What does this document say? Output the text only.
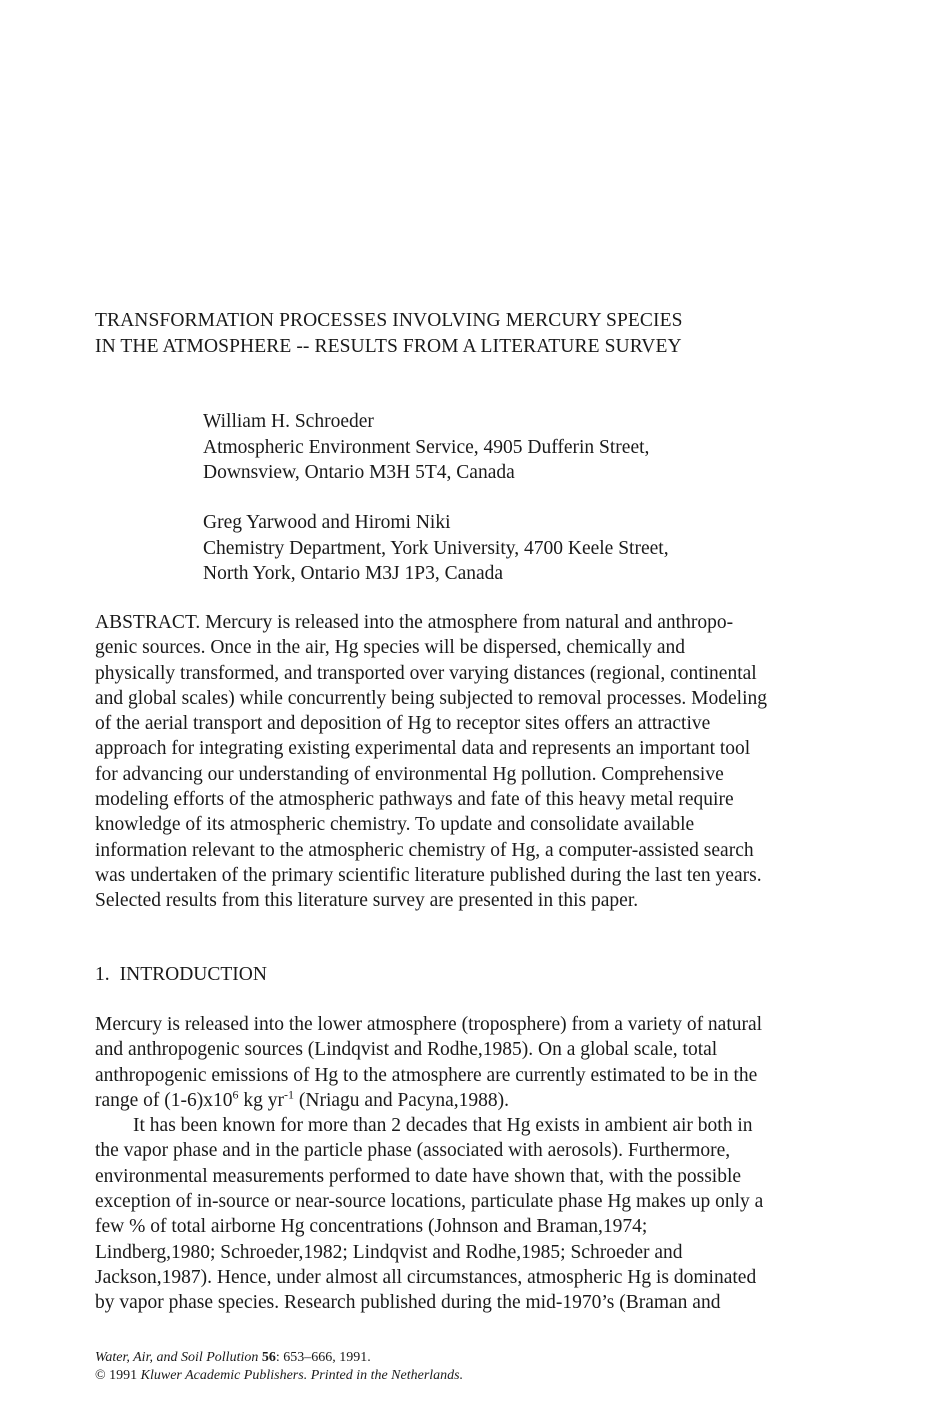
TRANSFORMATION PROCESSES INVOLVING MERCURY SPECIES
IN THE ATMOSPHERE -- RESULTS FROM A LITERATURE SURVEY
William H. Schroeder
Atmospheric Environment Service, 4905 Dufferin Street,
Downsview, Ontario M3H 5T4, Canada
Greg Yarwood and Hiromi Niki
Chemistry Department, York University, 4700 Keele Street,
North York, Ontario M3J 1P3, Canada
ABSTRACT. Mercury is released into the atmosphere from natural and anthropo-
genic sources. Once in the air, Hg species will be dispersed, chemically and
physically transformed, and transported over varying distances (regional, continental
and global scales) while concurrently being subjected to removal processes. Modeling
of the aerial transport and deposition of Hg to receptor sites offers an attractive
approach for integrating existing experimental data and represents an important tool
for advancing our understanding of environmental Hg pollution. Comprehensive
modeling efforts of the atmospheric pathways and fate of this heavy metal require
knowledge of its atmospheric chemistry. To update and consolidate available
information relevant to the atmospheric chemistry of Hg, a computer-assisted search
was undertaken of the primary scientific literature published during the last ten years.
Selected results from this literature survey are presented in this paper.
1. INTRODUCTION
Mercury is released into the lower atmosphere (troposphere) from a variety of natural
and anthropogenic sources (Lindqvist and Rodhe,1985). On a global scale, total
anthropogenic emissions of Hg to the atmosphere are currently estimated to be in the
range of $(1-6)x10^6$ kg $yr^{-1}$ (Nriagu and Pacyna,1988).
It has been known for more than 2 decades that Hg exists in ambient air both in
the vapor phase and in the particle phase (associated with aerosols). Furthermore,
environmental measurements performed to date have shown that, with the possible
exception of in-source or near-source locations, particulate phase Hg makes up only a
few % of total airborne Hg concentrations (Johnson and Braman,1974;
Lindberg,1980; Schroeder,1982; Lindqvist and Rodhe,1985; Schroeder and
Jackson,1987). Hence, under almost all circumstances, atmospheric Hg is dominated
by vapor phase species. Research published during the mid-1970’s (Braman and
Water, Air, and Soil Pollution 56: 653–666, 1991.
© 1991 Kluwer Academic Publishers. Printed in the Netherlands.
